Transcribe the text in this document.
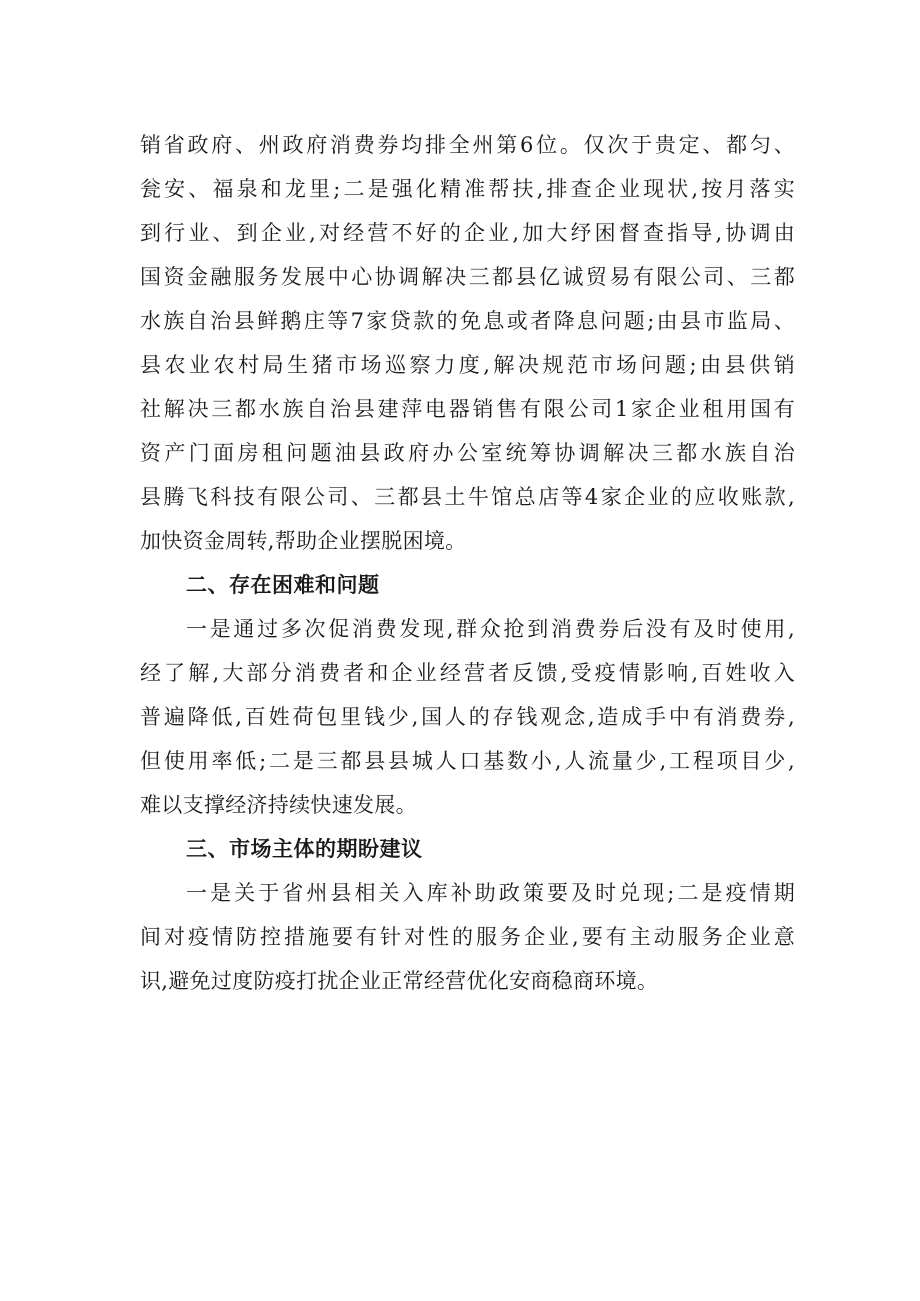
销省政府、州政府消费券均排全州第6位。仅次于贵定、都匀、
瓮安、福泉和龙里;二是强化精准帮扶,排查企业现状,按月落实
到行业、到企业,对经营不好的企业,加大纾困督查指导,协调由
国资金融服务发展中心协调解决三都县亿诚贸易有限公司、三都
水族自治县鲜鹅庄等7家贷款的免息或者降息问题;由县市监局、
县农业农村局生猪市场巡察力度,解决规范市场问题;由县供销
社解决三都水族自治县建萍电器销售有限公司1家企业租用国有
资产门面房租问题油县政府办公室统筹协调解决三都水族自治
县腾飞科技有限公司、三都县土牛馆总店等4家企业的应收账款,
加快资金周转,帮助企业摆脱困境。
二、存在困难和问题
一是通过多次促消费发现,群众抢到消费券后没有及时使用,
经了解,大部分消费者和企业经营者反馈,受疫情影响,百姓收入
普遍降低,百姓荷包里钱少,国人的存钱观念,造成手中有消费券,
但使用率低;二是三都县县城人口基数小,人流量少,工程项目少,
难以支撑经济持续快速发展。
三、市场主体的期盼建议
一是关于省州县相关入库补助政策要及时兑现;二是疫情期
间对疫情防控措施要有针对性的服务企业,要有主动服务企业意
识,避免过度防疫打扰企业正常经营优化安商稳商环境。
